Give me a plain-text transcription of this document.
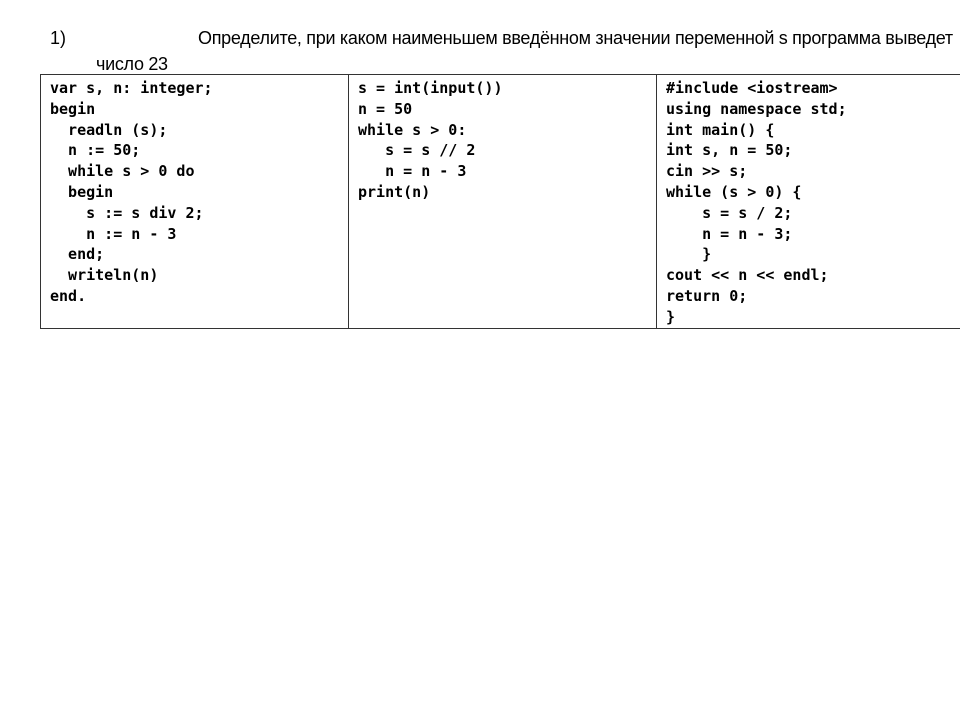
1)	Определите, при каком наименьшем введённом значении переменной s программа выведет
число 23
var s, n: integer;
begin
readln (s);
n := 50;
while s > 0 do
begin
s := s div 2;
n := n - 3
end;
writeln(n)
end.

s = int(input())
n = 50
while s > 0:
s = s // 2
n = n - 3
print(n)

#include <iostream>
using namespace std;
int main() {
int s, n = 50;
cin >> s;
while (s > 0) {
s = s / 2;
n = n - 3;
}
cout << n << endl;
return 0;
}
